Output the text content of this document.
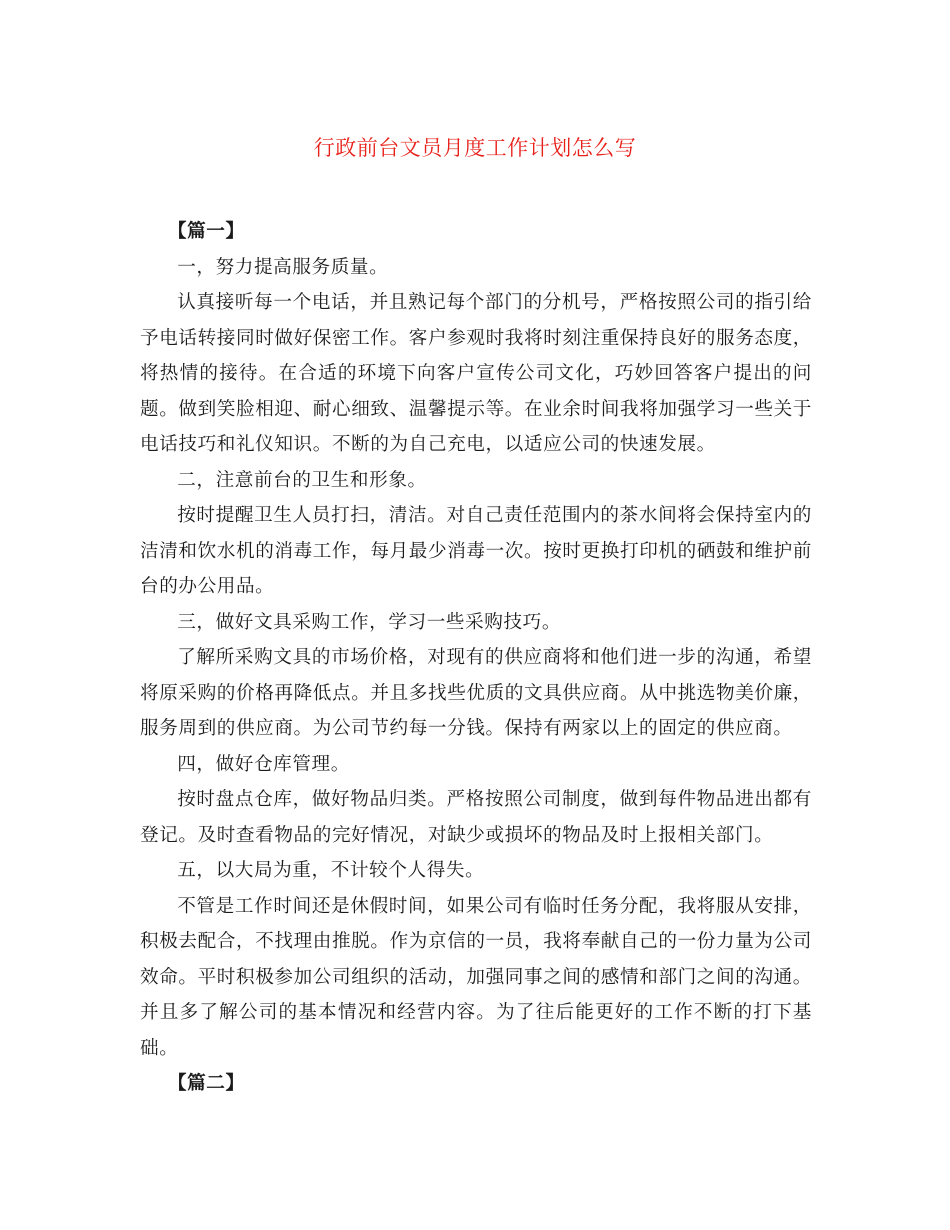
行政前台文员月度工作计划怎么写

【篇一】

一，努力提高服务质量。

认真接听每一个电话，并且熟记每个部门的分机号，严格按照公司的指引给予电话转接同时做好保密工作。客户参观时我将时刻注重保持良好的服务态度，将热情的接待。在合适的环境下向客户宣传公司文化，巧妙回答客户提出的问题。做到笑脸相迎、耐心细致、温馨提示等。在业余时间我将加强学习一些关于电话技巧和礼仪知识。不断的为自己充电，以适应公司的快速发展。

二，注意前台的卫生和形象。

按时提醒卫生人员打扫，清洁。对自己责任范围内的茶水间将会保持室内的洁清和饮水机的消毒工作，每月最少消毒一次。按时更换打印机的硒鼓和维护前台的办公用品。

三，做好文具采购工作，学习一些采购技巧。

了解所采购文具的市场价格，对现有的供应商将和他们进一步的沟通，希望将原采购的价格再降低点。并且多找些优质的文具供应商。从中挑选物美价廉，服务周到的供应商。为公司节约每一分钱。保持有两家以上的固定的供应商。

四，做好仓库管理。

按时盘点仓库，做好物品归类。严格按照公司制度，做到每件物品进出都有登记。及时查看物品的完好情况，对缺少或损坏的物品及时上报相关部门。

五，以大局为重，不计较个人得失。

不管是工作时间还是休假时间，如果公司有临时任务分配，我将服从安排，积极去配合，不找理由推脱。作为京信的一员，我将奉献自己的一份力量为公司效命。平时积极参加公司组织的活动，加强同事之间的感情和部门之间的沟通。并且多了解公司的基本情况和经营内容。为了往后能更好的工作不断的打下基础。

【篇二】
